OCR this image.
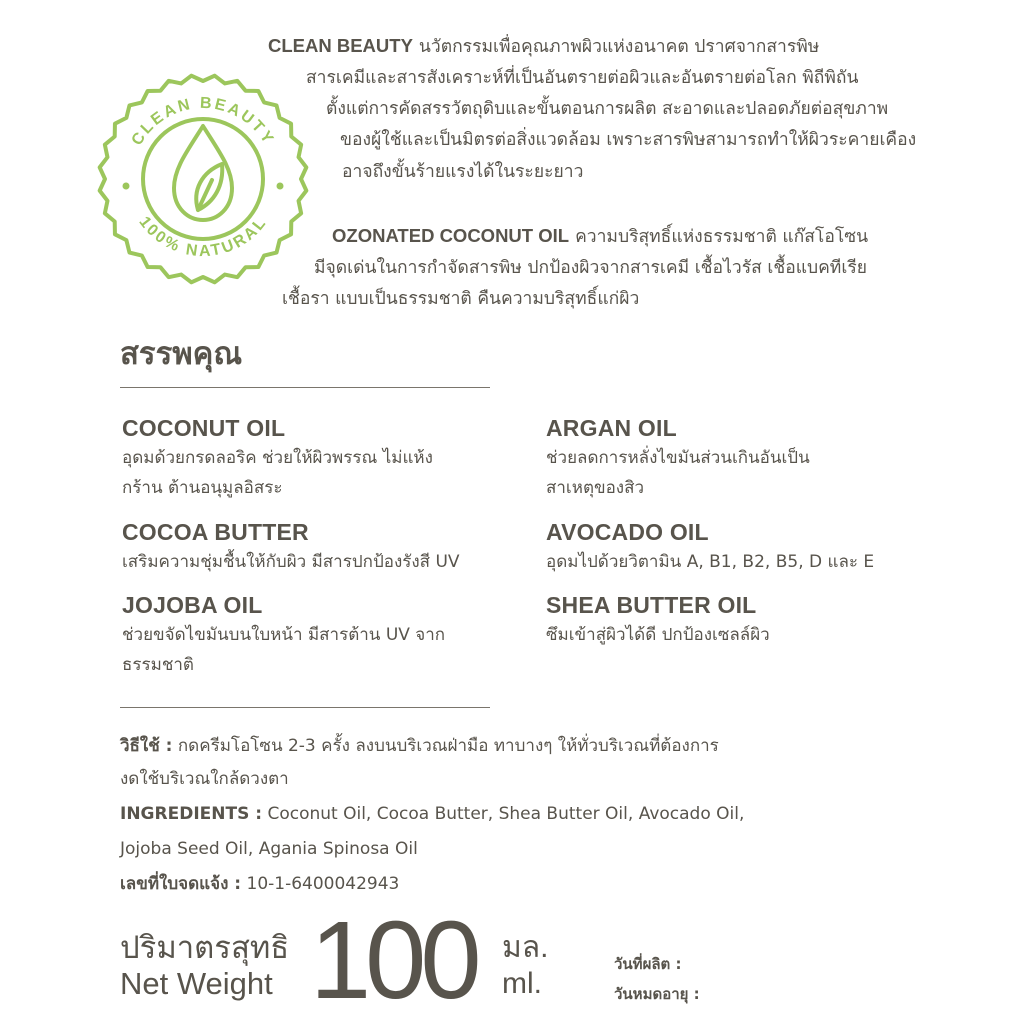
CLEAN BEAUTY นวัตกรรมเพื่อคุณภาพผิวแห่งอนาคต ปราศจากสารพิษ
สารเคมีและสารสังเคราะห์ที่เป็นอันตรายต่อผิวและอันตรายต่อโลก พิถีพิถัน
ตั้งแต่การคัดสรรวัตถุดิบและขั้นตอนการผลิต สะอาดและปลอดภัยต่อสุขภาพ
ของผู้ใช้และเป็นมิตรต่อสิ่งแวดล้อม เพราะสารพิษสามารถทำให้ผิวระคายเคือง
อาจถึงขั้นร้ายแรงได้ในระยะยาว
OZONATED COCONUT OIL ความบริสุทธิ์แห่งธรรมชาติ แก๊สโอโซน
มีจุดเด่นในการกำจัดสารพิษ ปกป้องผิวจากสารเคมี เชื้อไวรัส เชื้อแบคทีเรีย
เชื้อรา แบบเป็นธรรมชาติ คืนความบริสุทธิ์แก่ผิว
CLEAN BEAUTY
100% NATURAL
สรรพคุณ
COCONUT OIL
อุดมด้วยกรดลอริค ช่วยให้ผิวพรรณ ไม่แห้งกร้าน ต้านอนุมูลอิสระ
ARGAN OIL
ช่วยลดการหลั่งไขมันส่วนเกินอันเป็น สาเหตุของสิว
COCOA BUTTER
เสริมความชุ่มชื้นให้กับผิว มีสารปกป้องรังสี UV
AVOCADO OIL
อุดมไปด้วยวิตามิน A, B1, B2, B5, D และ E
JOJOBA OIL
ช่วยขจัดไขมันบนใบหน้า มีสารต้าน UV จากธรรมชาติ
SHEA BUTTER OIL
ซึมเข้าสู่ผิวได้ดี ปกป้องเซลล์ผิว
วิธีใช้ : กดครีมโอโซน 2-3 ครั้ง ลงบนบริเวณฝ่ามือ ทาบางๆ ให้ทั่วบริเวณที่ต้องการ
งดใช้บริเวณใกล้ดวงตา
INGREDIENTS : Coconut Oil, Cocoa Butter, Shea Butter Oil, Avocado Oil,
Jojoba Seed Oil, Agania Spinosa Oil
เลขที่ใบจดแจ้ง : 10-1-6400042943
ปริมาตรสุทธิ
Net Weight 100 มล.
ml.
วันที่ผลิต :
วันหมดอายุ :
